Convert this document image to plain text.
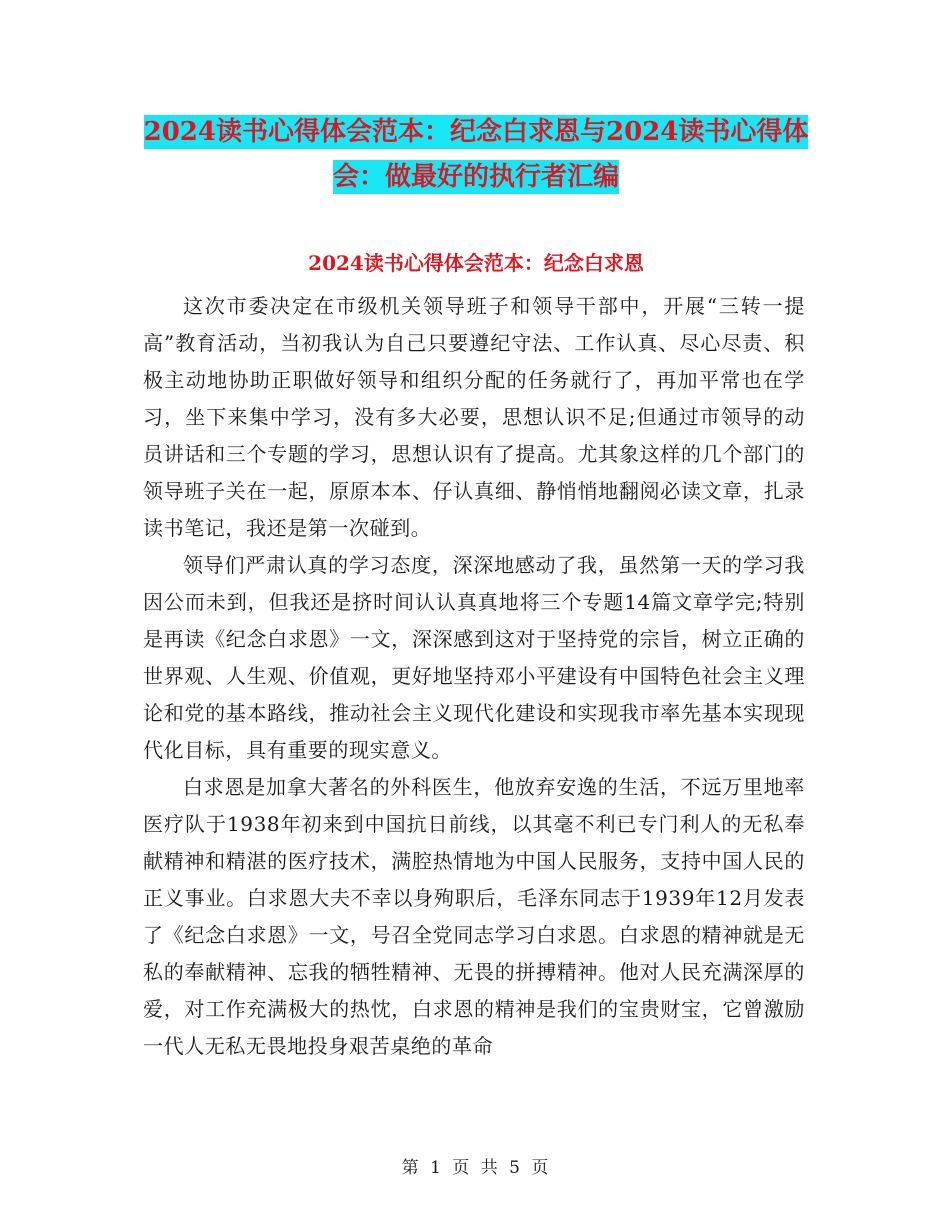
2024读书心得体会范本：纪念白求恩与2024读书心得体会：做最好的执行者汇编
2024读书心得体会范本：纪念白求恩

这次市委决定在市级机关领导班子和领导干部中，开展“三转一提高”教育活动，当初我认为自己只要遵纪守法、工作认真、尽心尽责、积极主动地协助正职做好领导和组织分配的任务就行了，再加平常也在学习，坐下来集中学习，没有多大必要，思想认识不足;但通过市领导的动员讲话和三个专题的学习，思想认识有了提高。尤其象这样的几个部门的领导班子关在一起，原原本本、仔认真细、静悄悄地翻阅必读文章，扎录读书笔记，我还是第一次碰到。

领导们严肃认真的学习态度，深深地感动了我，虽然第一天的学习我因公而未到，但我还是挤时间认认真真地将三个专题14篇文章学完;特别是再读《纪念白求恩》一文，深深感到这对于坚持党的宗旨，树立正确的世界观、人生观、价值观，更好地坚持邓小平建设有中国特色社会主义理论和党的基本路线，推动社会主义现代化建设和实现我市率先基本实现现代化目标，具有重要的现实意义。

白求恩是加拿大著名的外科医生，他放弃安逸的生活，不远万里地率医疗队于1938年初来到中国抗日前线，以其毫不利已专门利人的无私奉献精神和精湛的医疗技术，满腔热情地为中国人民服务，支持中国人民的正义事业。白求恩大夫不幸以身殉职后，毛泽东同志于1939年12月发表了《纪念白求恩》一文，号召全党同志学习白求恩。白求恩的精神就是无私的奉献精神、忘我的牺牲精神、无畏的拼搏精神。他对人民充满深厚的爱，对工作充满极大的热忱，白求恩的精神是我们的宝贵财宝，它曾激励一代人无私无畏地投身艰苦桌绝的革命

第 1 页 共 5 页
